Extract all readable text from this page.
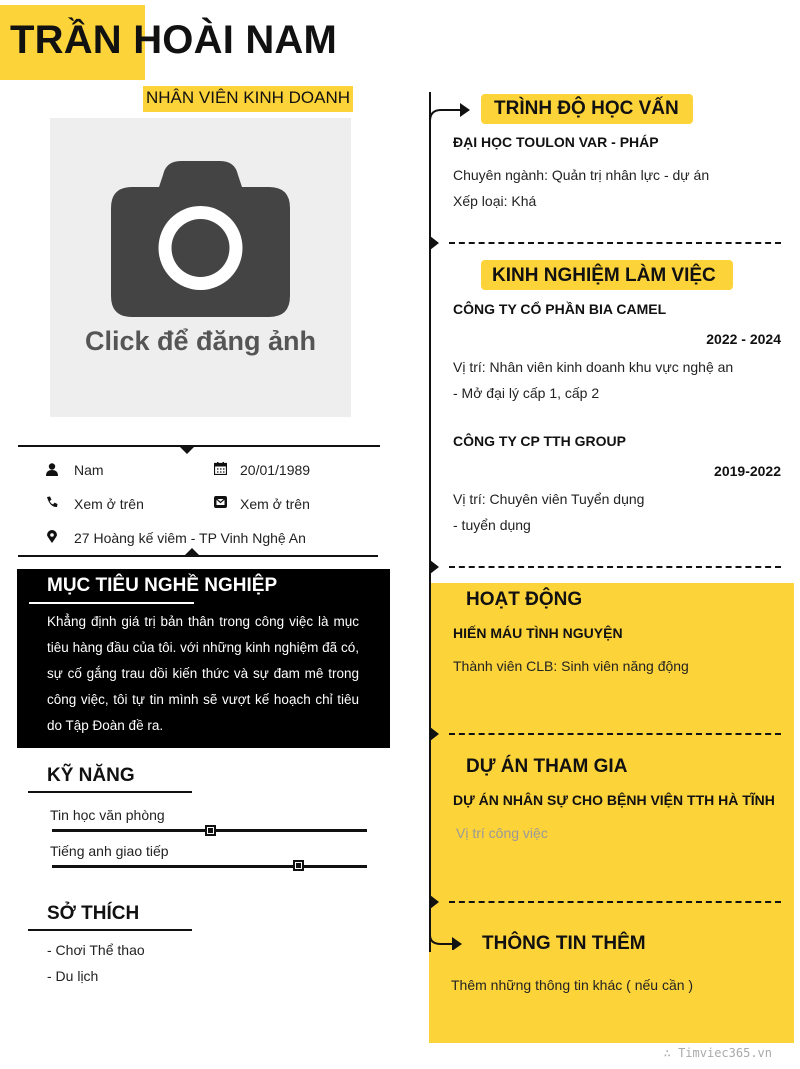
TRẦN HOÀI NAM
NHÂN VIÊN KINH DOANH
Click để đăng ảnh
Nam	20/01/1989
Xem ở trên	Xem ở trên
27 Hoàng kế viêm - TP Vinh Nghệ An
MỤC TIÊU NGHỀ NGHIỆP
Khẳng định giá trị bản thân trong công việc là mục tiêu hàng đầu của tôi. với những kinh nghiệm đã có, sự cố gắng trau dồi kiến thức và sự đam mê trong công việc, tôi tự tin mình sẽ vượt kế hoạch chỉ tiêu do Tập Đoàn đề ra.
KỸ NĂNG
Tin học văn phòng
Tiếng anh giao tiếp
SỞ THÍCH
- Chơi Thể thao
- Du lịch
TRÌNH ĐỘ HỌC VẤN
ĐẠI HỌC TOULON VAR - PHÁP
Chuyên ngành: Quản trị nhân lực - dự án
Xếp loại: Khá
KINH NGHIỆM LÀM VIỆC
CÔNG TY CỔ PHẦN BIA CAMEL
2022 - 2024
Vị trí: Nhân viên kinh doanh khu vực nghệ an
- Mở đại lý cấp 1, cấp 2
CÔNG TY CP TTH GROUP
2019-2022
Vị trí: Chuyên viên Tuyển dụng
- tuyển dụng
HOẠT ĐỘNG
HIẾN MÁU TÌNH NGUYỆN
Thành viên CLB: Sinh viên năng động
DỰ ÁN THAM GIA
DỰ ÁN NHÂN SỰ CHO BỆNH VIỆN TTH HÀ TĨNH
Vị trí công việc
THÔNG TIN THÊM
Thêm những thông tin khác ( nếu cần )
∴ Timviec365.vn
